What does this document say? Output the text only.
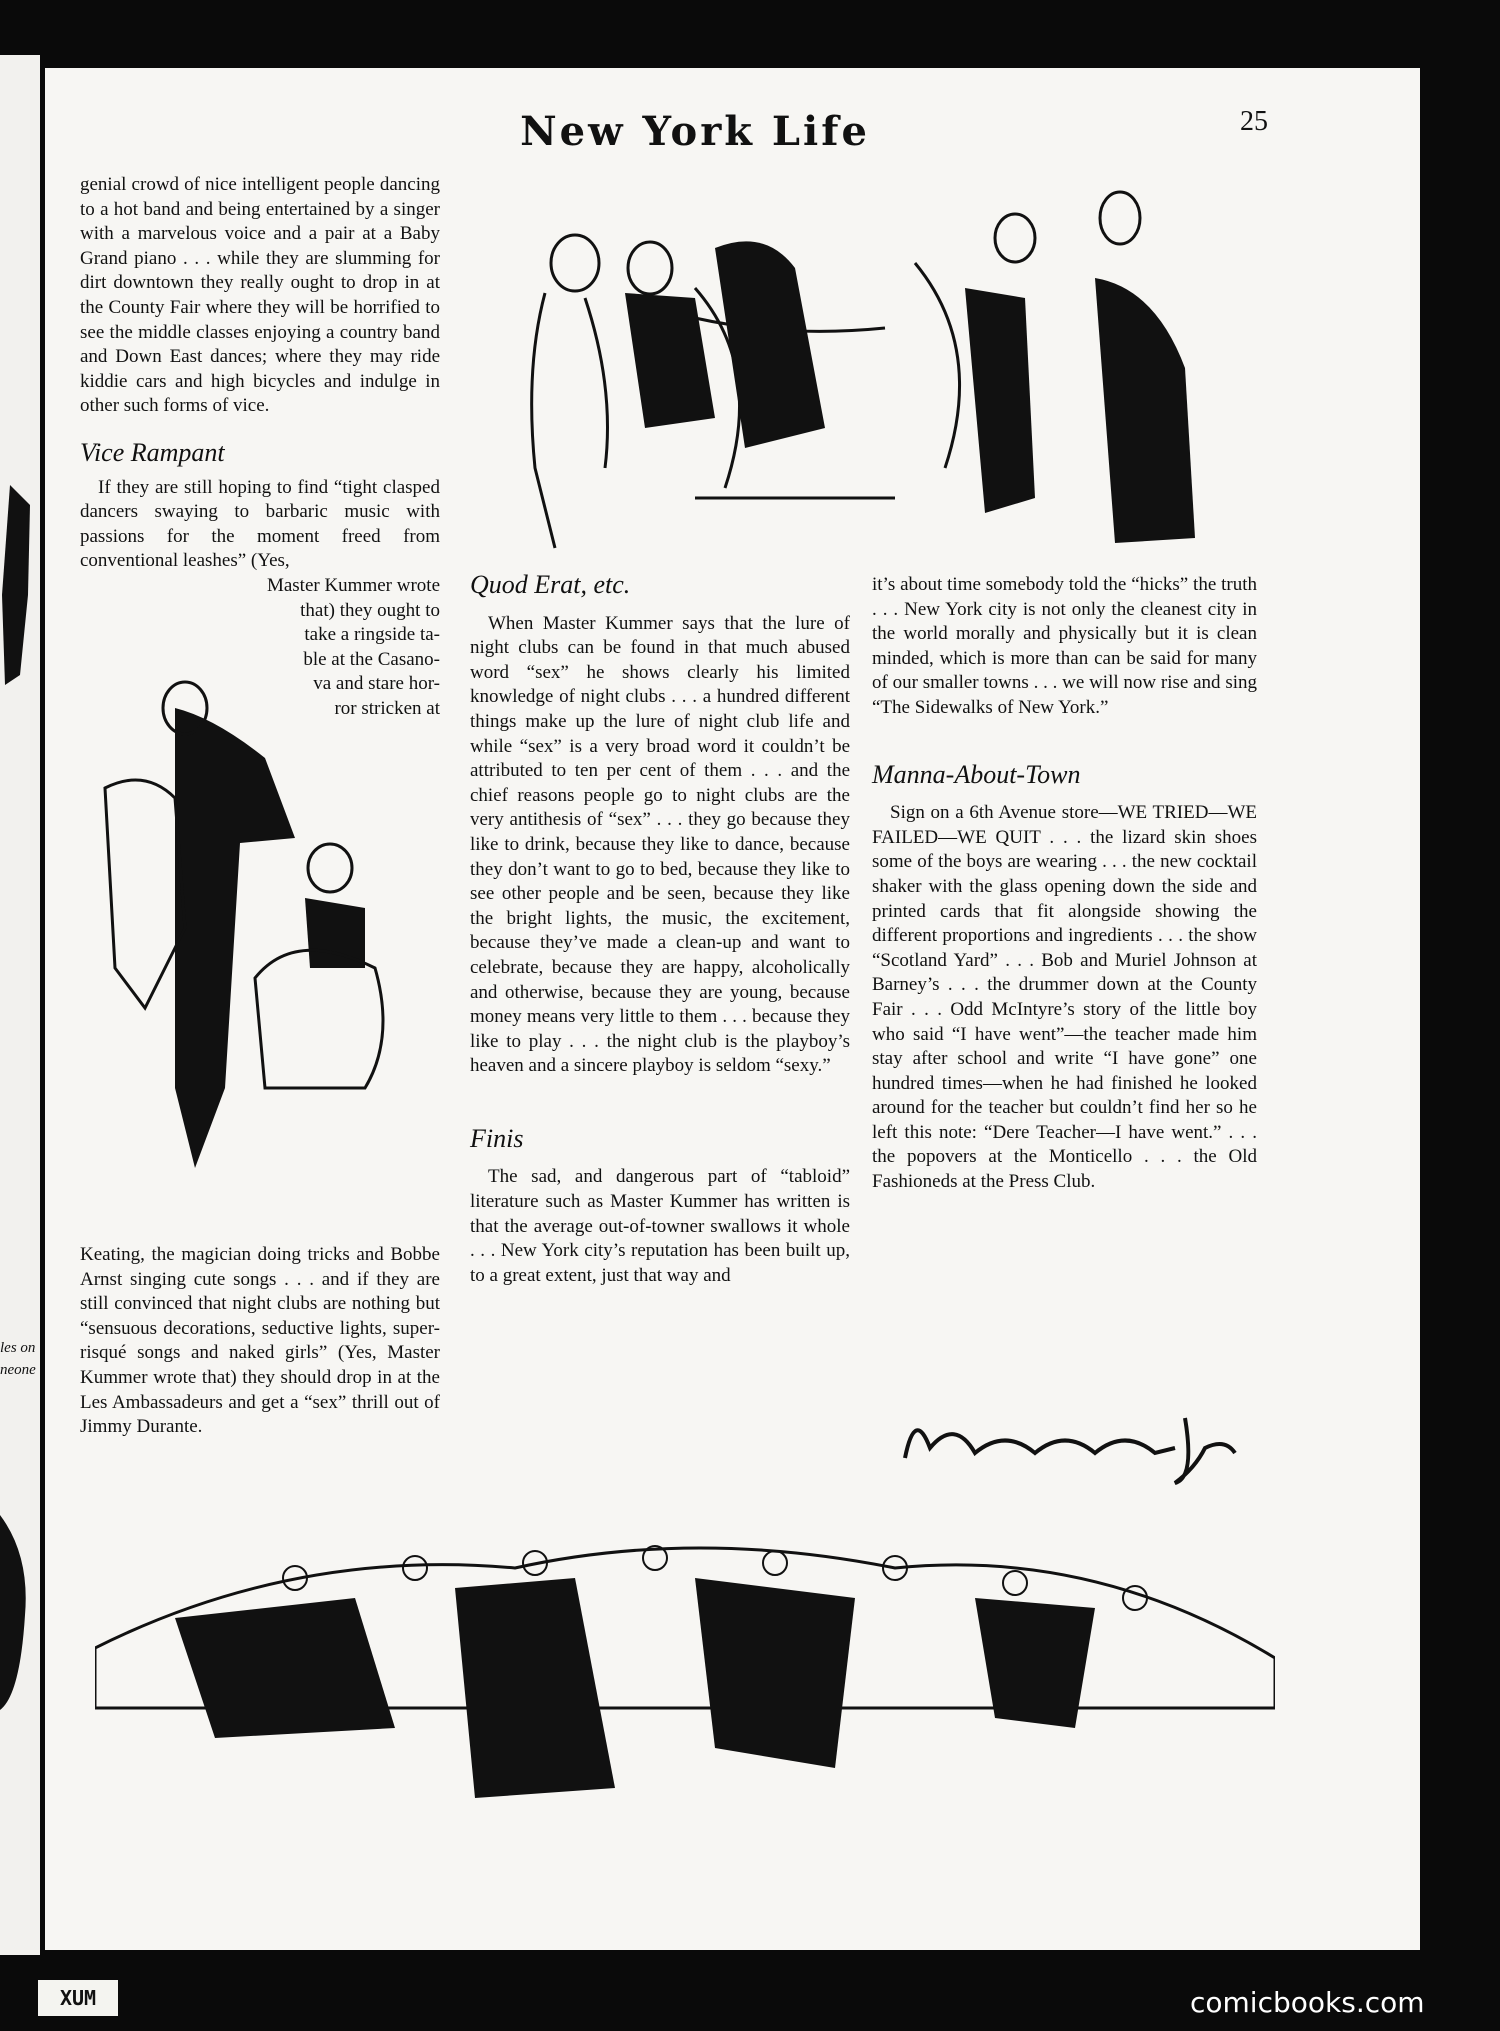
les on
neone
New York Life	25

genial crowd of nice intelligent people dancing to a hot band and being entertained by a singer with a marvelous voice and a pair at a Baby Grand piano . . . while they are slumming for dirt downtown they really ought to drop in at the County Fair where they will be horrified to see the middle classes enjoying a country band and Down East dances; where they may ride kiddie cars and high bicycles and indulge in other such forms of vice.

Vice Rampant

If they are still hoping to find “tight clasped dancers swaying to barbaric music with passions for the moment freed from conventional leashes” (Yes,

Master Kummer wrote

that) they ought to

take a ringside ta-

ble at the Casano-

va and stare hor-

ror stricken at

Keating, the magician doing tricks and Bobbe Arnst singing cute songs . . . and if they are still convinced that night clubs are nothing but “sensuous decorations, seductive lights, super-risqué songs and naked girls” (Yes, Master Kummer wrote that) they should drop in at the Les Ambassadeurs and get a “sex” thrill out of Jimmy Durante.

Quod Erat, etc.

When Master Kummer says that the lure of night clubs can be found in that much abused word “sex” he shows clearly his limited knowledge of night clubs . . . a hundred different things make up the lure of night club life and while “sex” is a very broad word it couldn’t be attributed to ten per cent of them . . . and the chief reasons people go to night clubs are the very antithesis of “sex” . . . they go because they like to drink, because they like to dance, because they don’t want to go to bed, because they like to see other people and be seen, because they like the bright lights, the music, the excitement, because they’ve made a clean-up and want to celebrate, because they are happy, alcoholically and otherwise, because they are young, because money means very little to them . . . because they like to play . . . the night club is the playboy’s heaven and a sincere playboy is seldom “sexy.”

Finis

The sad, and dangerous part of “tabloid” literature such as Master Kummer has written is that the average out-of-towner swallows it whole . . . New York city’s reputation has been built up, to a great extent, just that way and

it’s about time somebody told the “hicks” the truth . . . New York city is not only the cleanest city in the world morally and physically but it is clean minded, which is more than can be said for many of our smaller towns . . . we will now rise and sing “The Sidewalks of New York.”

Manna-About-Town

Sign on a 6th Avenue store—WE TRIED—WE FAILED—WE QUIT . . . the lizard skin shoes some of the boys are wearing . . . the new cocktail shaker with the glass opening down the side and printed cards that fit alongside showing the different proportions and ingredients . . . the show “Scotland Yard” . . . Bob and Muriel Johnson at Barney’s . . . the drummer down at the County Fair . . . Odd McIntyre’s story of the little boy who said “I have went”—the teacher made him stay after school and write “I have gone” one hundred times—when he had finished he looked around for the teacher but couldn’t find her so he left this note: “Dere Teacher—I have went.” . . . the popovers at the Monticello . . . the Old Fashioneds at the Press Club.

XUM	comicbooks.com
